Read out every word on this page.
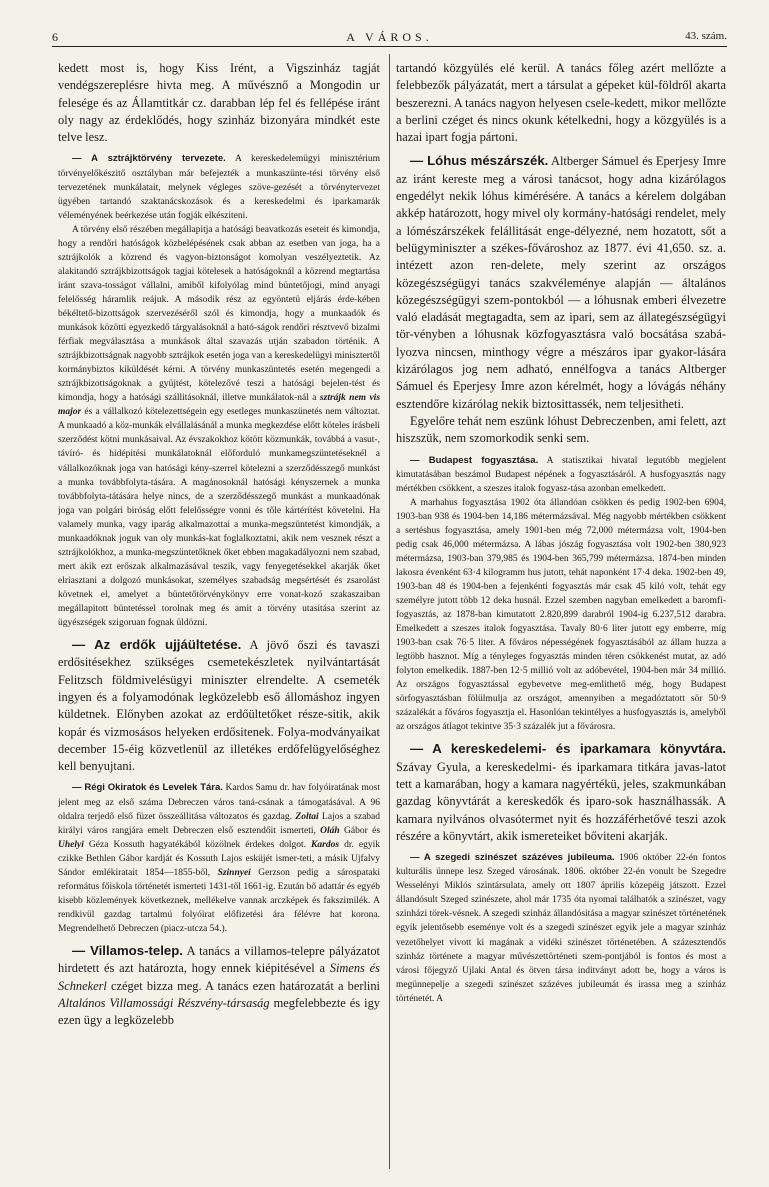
6	A VÁROS.	43. szám.

kedett most is, hogy Kiss Irént, a Vigszinház tagját vendégszereplésre hivta meg. A művésznő a Mongodin ur felesége és az Államtitkár cz. darabban lép fel és fellépése iránt oly nagy az érdeklődés, hogy szinház bizonyára mindkét este telve lesz.

— A sztrájktörvény tervezete. A kereskedelemügyi minisztérium törvényelőkészitő osztályban már befejezték a munkaszünte-tési törvény első tervezetének munkálatait, melynek végleges szöve-gezését a törvénytervezet ügyében tartandó szaktanácskozások és a kereskedelmi és iparkamarák véleményének beérkezése után fogják elkésziteni.

A törvény első részében megállapitja a hatósági beavatkozás eseteit és kimondja, hogy a rendőri hatóságok közbelépésének csak abban az esetben van joga, ha a sztrájkolók a közrend és vagyon-biztonságot komolyan veszélyeztetik. Az alakitandó sztrájkbizottságok tagjai kötelesek a hatóságoknál a közrend megtartása iránt szava-tosságot vállalni, amiből kifolyólag mind büntetőjogi, mind anyagi felelősség háramlik reájuk. A második rész az egyöntetü eljárás érde-kében békéltető-bizottságok szervezéséről szól és kimondja, hogy a munkaadók és munkások közötti egyezkedő tárgyalásoknál a ható-ságok rendőri résztvevő bizalmi férfiak megválasztása a munkások által szavazás utján szabadon történik. A sztrájkbizottságnak nagyobb sztrájkok esetén joga van a kereskedelügyi minisztertől kormánybiztos kiküldését kérni. A törvény munkaszüntetés esetén megengedi a sztrájkbizottságoknak a gyüjtést, kötelezővé teszi a hatósági bejelen-tést és kimondja, hogy a hatósági szállitásoknál, illetve munkálatok-nál a sztrájk nem vis major és a vállalkozó kötelezettségein egy esetleges munkaszünetés nem változtat. A munkaadó a köz-munkák elvállalásánál a munka megkezdése előtt köteles irásbeli szerződést kötni munkásaival. Az évszakokhoz kötött közmunkák, továbbá a vasut-, távíró- és hidépitési munkálatoknál előforduló munkamegszüntetéseknél a vállalkozóknak joga van hatósági kény-szerrel kötelezni a szerződésszegő munkást a munka továbbfolyta-tására. A magánosoknál hatósági kényszernek a munka továbbfolyta-tátására helye nincs, de a szerződésszegő munkást a munkaadónak joga van polgári biróság előtt felelősségre vonni és tőle kártérítést követelni. Ha valamely munka, vagy iparág alkalmazottai a munka-megszüntetést kimondják, a munkaadóknak joguk van oly munkás-kat foglalkoztatni, akik nem vesznek részt a sztrájkolókhoz, a munka-megszüntetőknek őket ebben magakadályozni nem szabad, mert akik ezt erőszak alkalmazásával teszik, vagy fenyegetésekkel akarják őket elriasztani a dolgozó munkásokat, személyes szabadság megsértését és zsarolást követnek el, amelyet a büntetőtörvénykönyv erre vonat-kozó szakaszaiban megállapitott büntetéssel torolnak meg és amit a törvény utasítása szerint az ügyészségek szigoruan fognak üldözni.

— Az erdők ujjáültetése. A jövő őszi és tavaszi erdősitésekhez szükséges csemetekészletek nyilvántartását Felitzsch földmivelésügyi miniszter elrendelte. A csemeték ingyen és a folyamodónak legközelebb eső állomáshoz ingyen küldetnek. Előnyben azokat az erdőültetőket része-sitik, akik kopár és vizmosásos helyeken erdősitenek. Folya-modványaikat december 15-éig közvetlenül az illetékes erdőfelügyelőséghez kell benyujtani.

— Régi Okiratok és Levelek Tára. Kardos Samu dr. hav folyóiratának most jelent meg az első száma Debreczen város taná-csának a támogatásával. A 96 oldalra terjedő első füzet összeállitása változatos és gazdag. Zoltai Lajos a szabad királyi város rangjára emelt Debreczen első esztendőit ismerteti, Oláh Gábor és Uhelyi Géza Kossuth hagyatékából közölnek érdekes dolgot. Kardos dr. egyik czikke Bethlen Gábor kardját és Kossuth Lajos esküjét ismer-teti, a másik Ujfalvy Sándor emlékiratait 1854—1855-ből, Szinnyei Gerzson pedig a sárospataki református főiskola történetét ismerteti 1431-től 1661-ig. Ezután bő adattár és egyéb kisebb közlemények következnek, mellékelve vannak arczképek és fakszimilék. A rendkivül gazdag tartalmú folyóirat előfizetési ára félévre hat korona. Megrendelhető Debreczen (piacz-utcza 54.).

— Villamos-telep. A tanács a villamos-telepre pályázatot hirdetett és azt határozta, hogy ennek kiépitésével a Simens és Schnekerl czéget bizza meg. A tanács ezen határozatát a berlini Altalános Villamossági Részvény-társaság megfelebbezte és igy ezen ügy a legközelebb

tartandó közgyülés elé kerül. A tanács főleg azért mellőzte a felebbezők pályázatát, mert a társulat a gépeket kül-földről akarta beszerezni. A tanács nagyon helyesen csele-kedett, mikor mellőzte a berlini czéget és nincs okunk kételkedni, hogy a közgyülés is a hazai ipart fogja pártoni.

— Lóhus mészárszék. Altberger Sámuel és Eperjesy Imre az iránt kereste meg a városi tanácsot, hogy adna kizárólagos engedélyt nekik lóhus kimérésére. A tanács a kérelem dolgában akkép határozott, hogy mivel oly kormány-hatósági rendelet, mely a lómészárszékek felállitását enge-délyezné, nem hozatott, sőt a belügyminiszter a székes-fővároshoz az 1877. évi 41,650. sz. a. intézett azon ren-delete, mely szerint az országos közegészségügyi tanács szakvéleménye alapján — általános közegészségügyi szem-pontokból — a lóhusnak emberi élvezetre való eladását megtagadta, sem az ipari, sem az állategészségügyi tör-vényben a lóhusnak közfogyasztásra való bocsátása szabá-lyozva nincsen, minthogy végre a mészáros ipar gyakor-lására kizárólagos jog nem adható, ennélfogva a tanács Altberger Sámuel és Eperjesy Imre azon kérelmét, hogy a lóvágás néhány esztendőre kizárólag nekik biztosittassék, nem teljesitheti.

Egyelőre tehát nem eszünk lóhust Debreczenben, ami felett, azt hiszszük, nem szomorkodik senki sem.

— Budapest fogyasztása. A statisztikai hivatal legutóbb megjelent kimutatásában beszámol Budapest népének a fogyasztásáról. A husfogyasztás nagy mértékben csökkent, a szeszes italok fogyasz-tása azonban emelkedett.

A marhahus fogyasztása 1902 óta állandóan csökken és pedig 1902-ben 6904, 1903-ban 938 és 1904-ben 14,186 métermázsával. Még nagyobb mértékben csökkent a sertéshus fogyasztása, amely 1901-ben még 72,000 métermázsa volt, 1904-ben pedig csak 46,000 métermázsa. A lábas jószág fogyasztása volt 1902-ben 380,923 métermázsa, 1903-ban 379,985 és 1904-ben 365,799 métermázsa. 1874-ben minden lakosra évenként 63·4 kilogramm hus jutott, tehát naponként 17·4 deka. 1902-ben 49, 1903-ban 48 és 1904-ben a fejenkénti fogyasztás már csak 45 kiló volt, tehát egy személyre jutott több 12 deka husnál. Ezzel szemben nagyban emelkedett a baromfi-fogyasztás, az 1878-ban kimutatott 2.820,899 darabról 1904-ig 6.237,512 darabra. Emelkedett a szeszes italok fogyasztása. Tavaly 80·6 liter jutott egy emberre, míg 1903-ban csak 76·5 liter. A főváros népességének fogyasztásából az állam huzza a legtöbb hasznot. Míg a tényleges fogyasztás minden téren csökkenést mutat, az adó folyton emelkedik. 1887-ben 12·5 millió volt az adóbevétel, 1904-ben már 34 millió. Az országos fogyasztással egybevetve meg-emlithető még, hogy Budapest sörfogyasztásban fölülmulja az országot, amennyiben a megadóztatott sör 50·9 százalékát a főváros fogyasztja el. Hasonlóan tekintélyes a husfogyasztás is, amelyből az országos átlagot tekintve 35·3 százalék jut a fővárosra.

— A kereskedelemi- és iparkamara könyvtára. Szávay Gyula, a kereskedelmi- és iparkamara titkára javas-latot tett a kamarában, hogy a kamara nagyértékü, jeles, szakmunkában gazdag könyvtárát a kereskedők és iparo-sok használhassák. A kamara nyilvános olvasótermet nyit és hozzáférhetővé teszi azok részére a könyvtárt, akik ismereteiket bőviteni akarják.

— A szegedi szinészet százéves jubileuma. 1906 október 22-én fontos kulturális ünnepe lesz Szeged városának. 1806. október 22-én vonult be Szegedre Wesselényi Miklós szintársulata, amely ott 1807 április közepéig játszott. Ezzel állandósult Szeged szinészete, ahol már 1735 óta nyomai találhatók a szinészet, vagy szinházi törek-vésnek. A szegedi szinház állandósitása a magyar szinészet történetének egyik jelentősebb eseménye volt és a szegedi szinészet egyik jele a magyar szinház vezetőhelyet vivott ki magának a vidéki szinészet történetében. A százesztendős szinház története a magyar művészettörténeti szem-pontjából is fontos és most a városi főjegyző Ujlaki Antal és ötven társa inditványt adott be, hogy a város is megünnepelje a szegedi szinészet százéves jubileumát és irassa meg a szinház történetét. A
